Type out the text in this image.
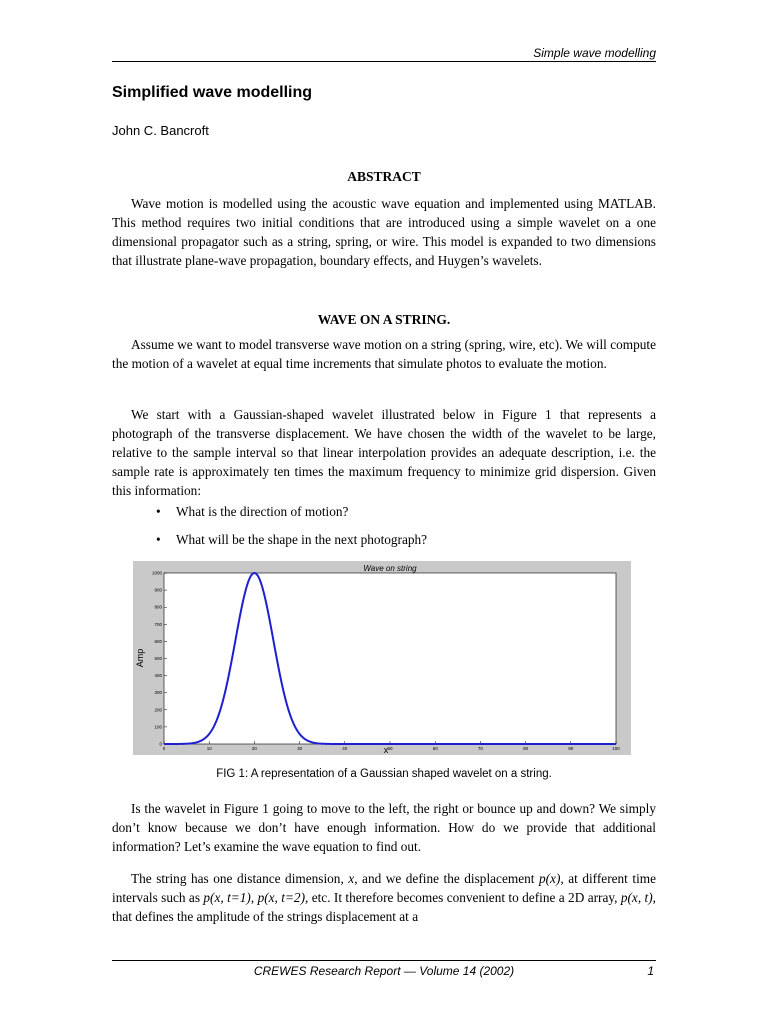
Simple wave modelling
Simplified wave modelling
John C. Bancroft
ABSTRACT

Wave motion is modelled using the acoustic wave equation and implemented using MATLAB. This method requires two initial conditions that are introduced using a simple wavelet on a one dimensional propagator such as a string, spring, or wire. This model is expanded to two dimensions that illustrate plane-wave propagation, boundary effects, and Huygen’s wavelets.

WAVE ON A STRING.

Assume we want to model transverse wave motion on a string (spring, wire, etc). We will compute the motion of a wavelet at equal time increments that simulate photos to evaluate the motion.

We start with a Gaussian-shaped wavelet illustrated below in Figure 1 that represents a photograph of the transverse displacement. We have chosen the width of the wavelet to be large, relative to the sample interval so that linear interpolation provides an adequate description, i.e. the sample rate is approximately ten times the maximum frequency to minimize grid dispersion. Given this information:

• What is the direction of motion?
• What will be the shape in the next photograph?
Wave on string
x
Amp
0	10	20	30	40	50	60	70	80	90	100
0
100
200
300
400
500
600
700
800
900
1000
FIG 1: A representation of a Gaussian shaped wavelet on a string.

Is the wavelet in Figure 1 going to move to the left, the right or bounce up and down? We simply don’t know because we don’t have enough information. How do we provide that additional information? Let’s examine the wave equation to find out.

The string has one distance dimension, x, and we define the displacement p(x), at different time intervals such as p(x, t=1), p(x, t=2), etc. It therefore becomes convenient to define a 2D array, p(x, t), that defines the amplitude of the strings displacement at a

CREWES Research Report — Volume 14 (2002)	1
